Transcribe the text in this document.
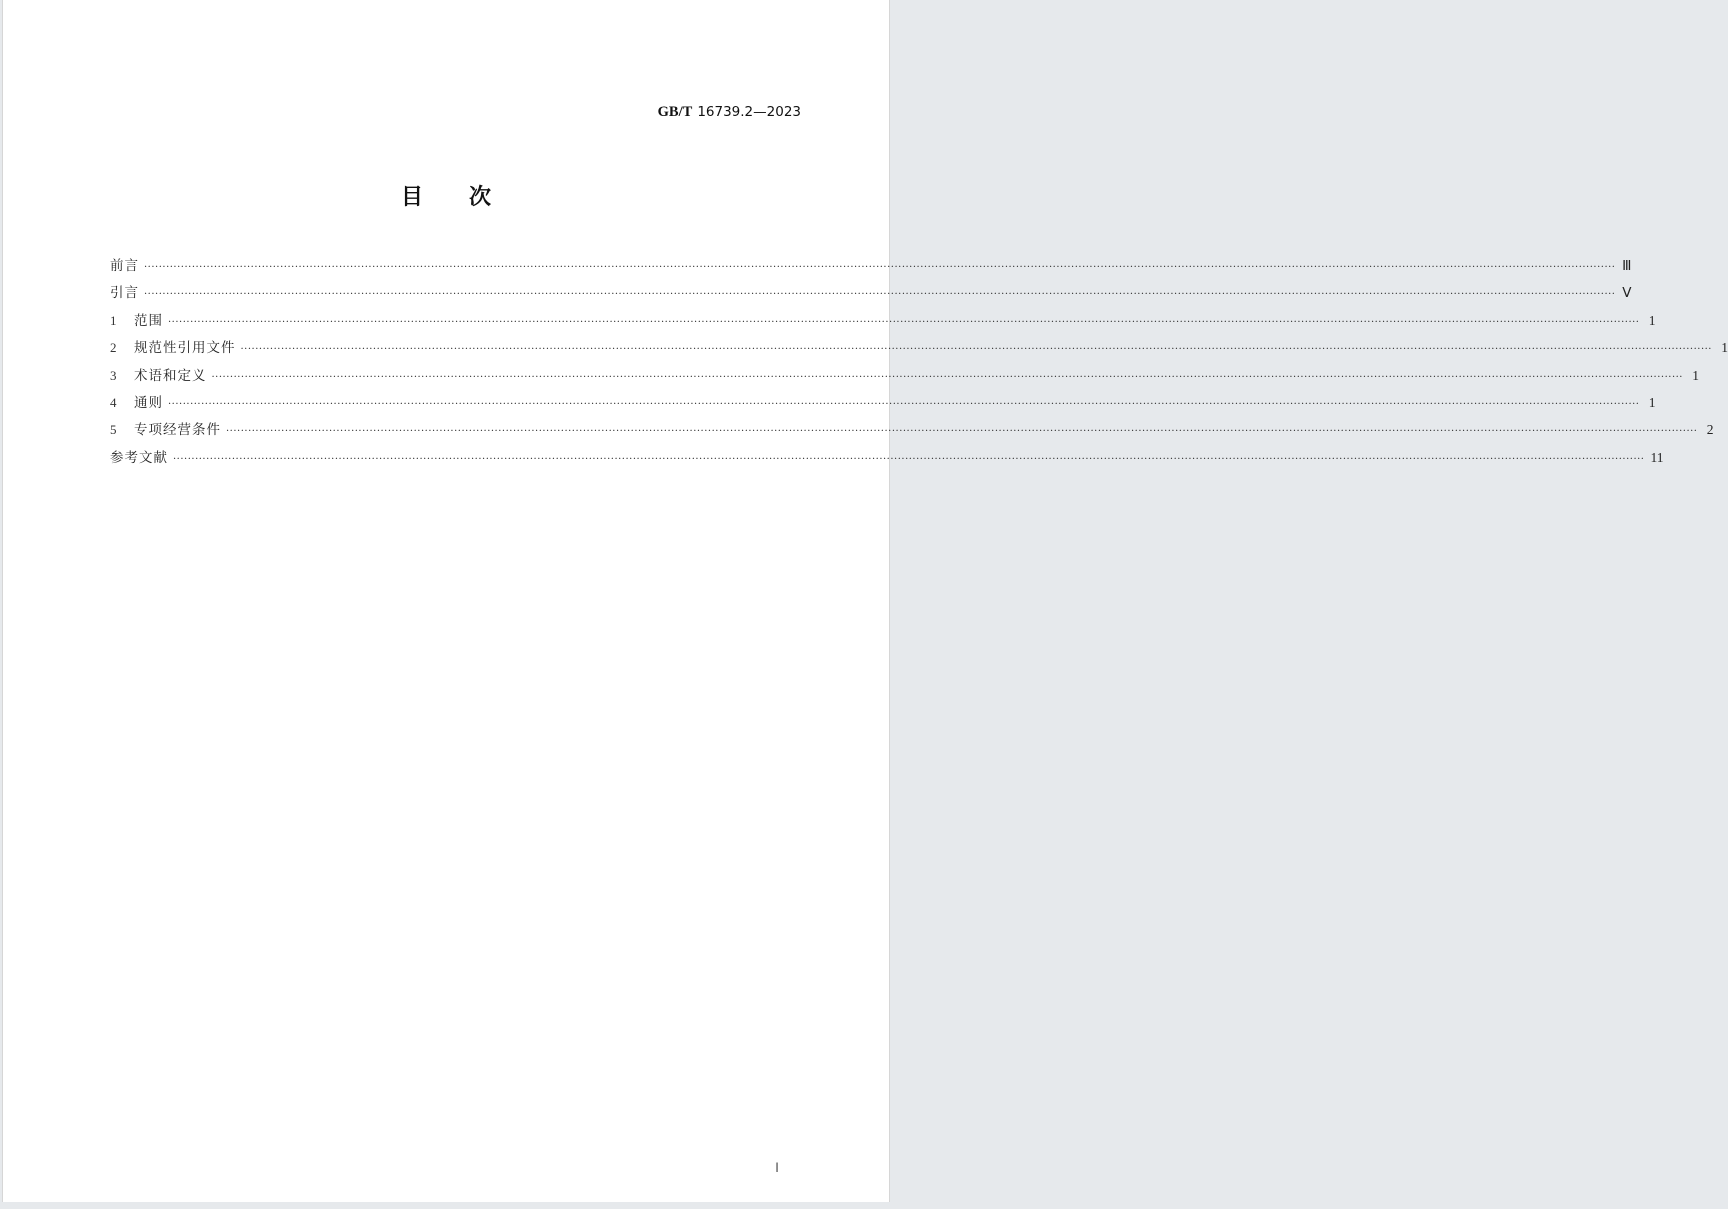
GB/T 16739.2—2023
目次
前言 ················································································································································································································································································································································································································ Ⅲ
引言 ················································································································································································································································································································································································································ Ⅴ
1	范围 ················································································································································································································································································································································································································ 1
2	规范性引用文件 ················································································································································································································································································································································································································ 1
3	术语和定义 ················································································································································································································································································································································································································ 1
4	通则 ················································································································································································································································································································································································································ 1
5	专项经营条件 ················································································································································································································································································································································································································ 2
参考文献 ················································································································································································································································································································································································································ 11
Ⅰ
